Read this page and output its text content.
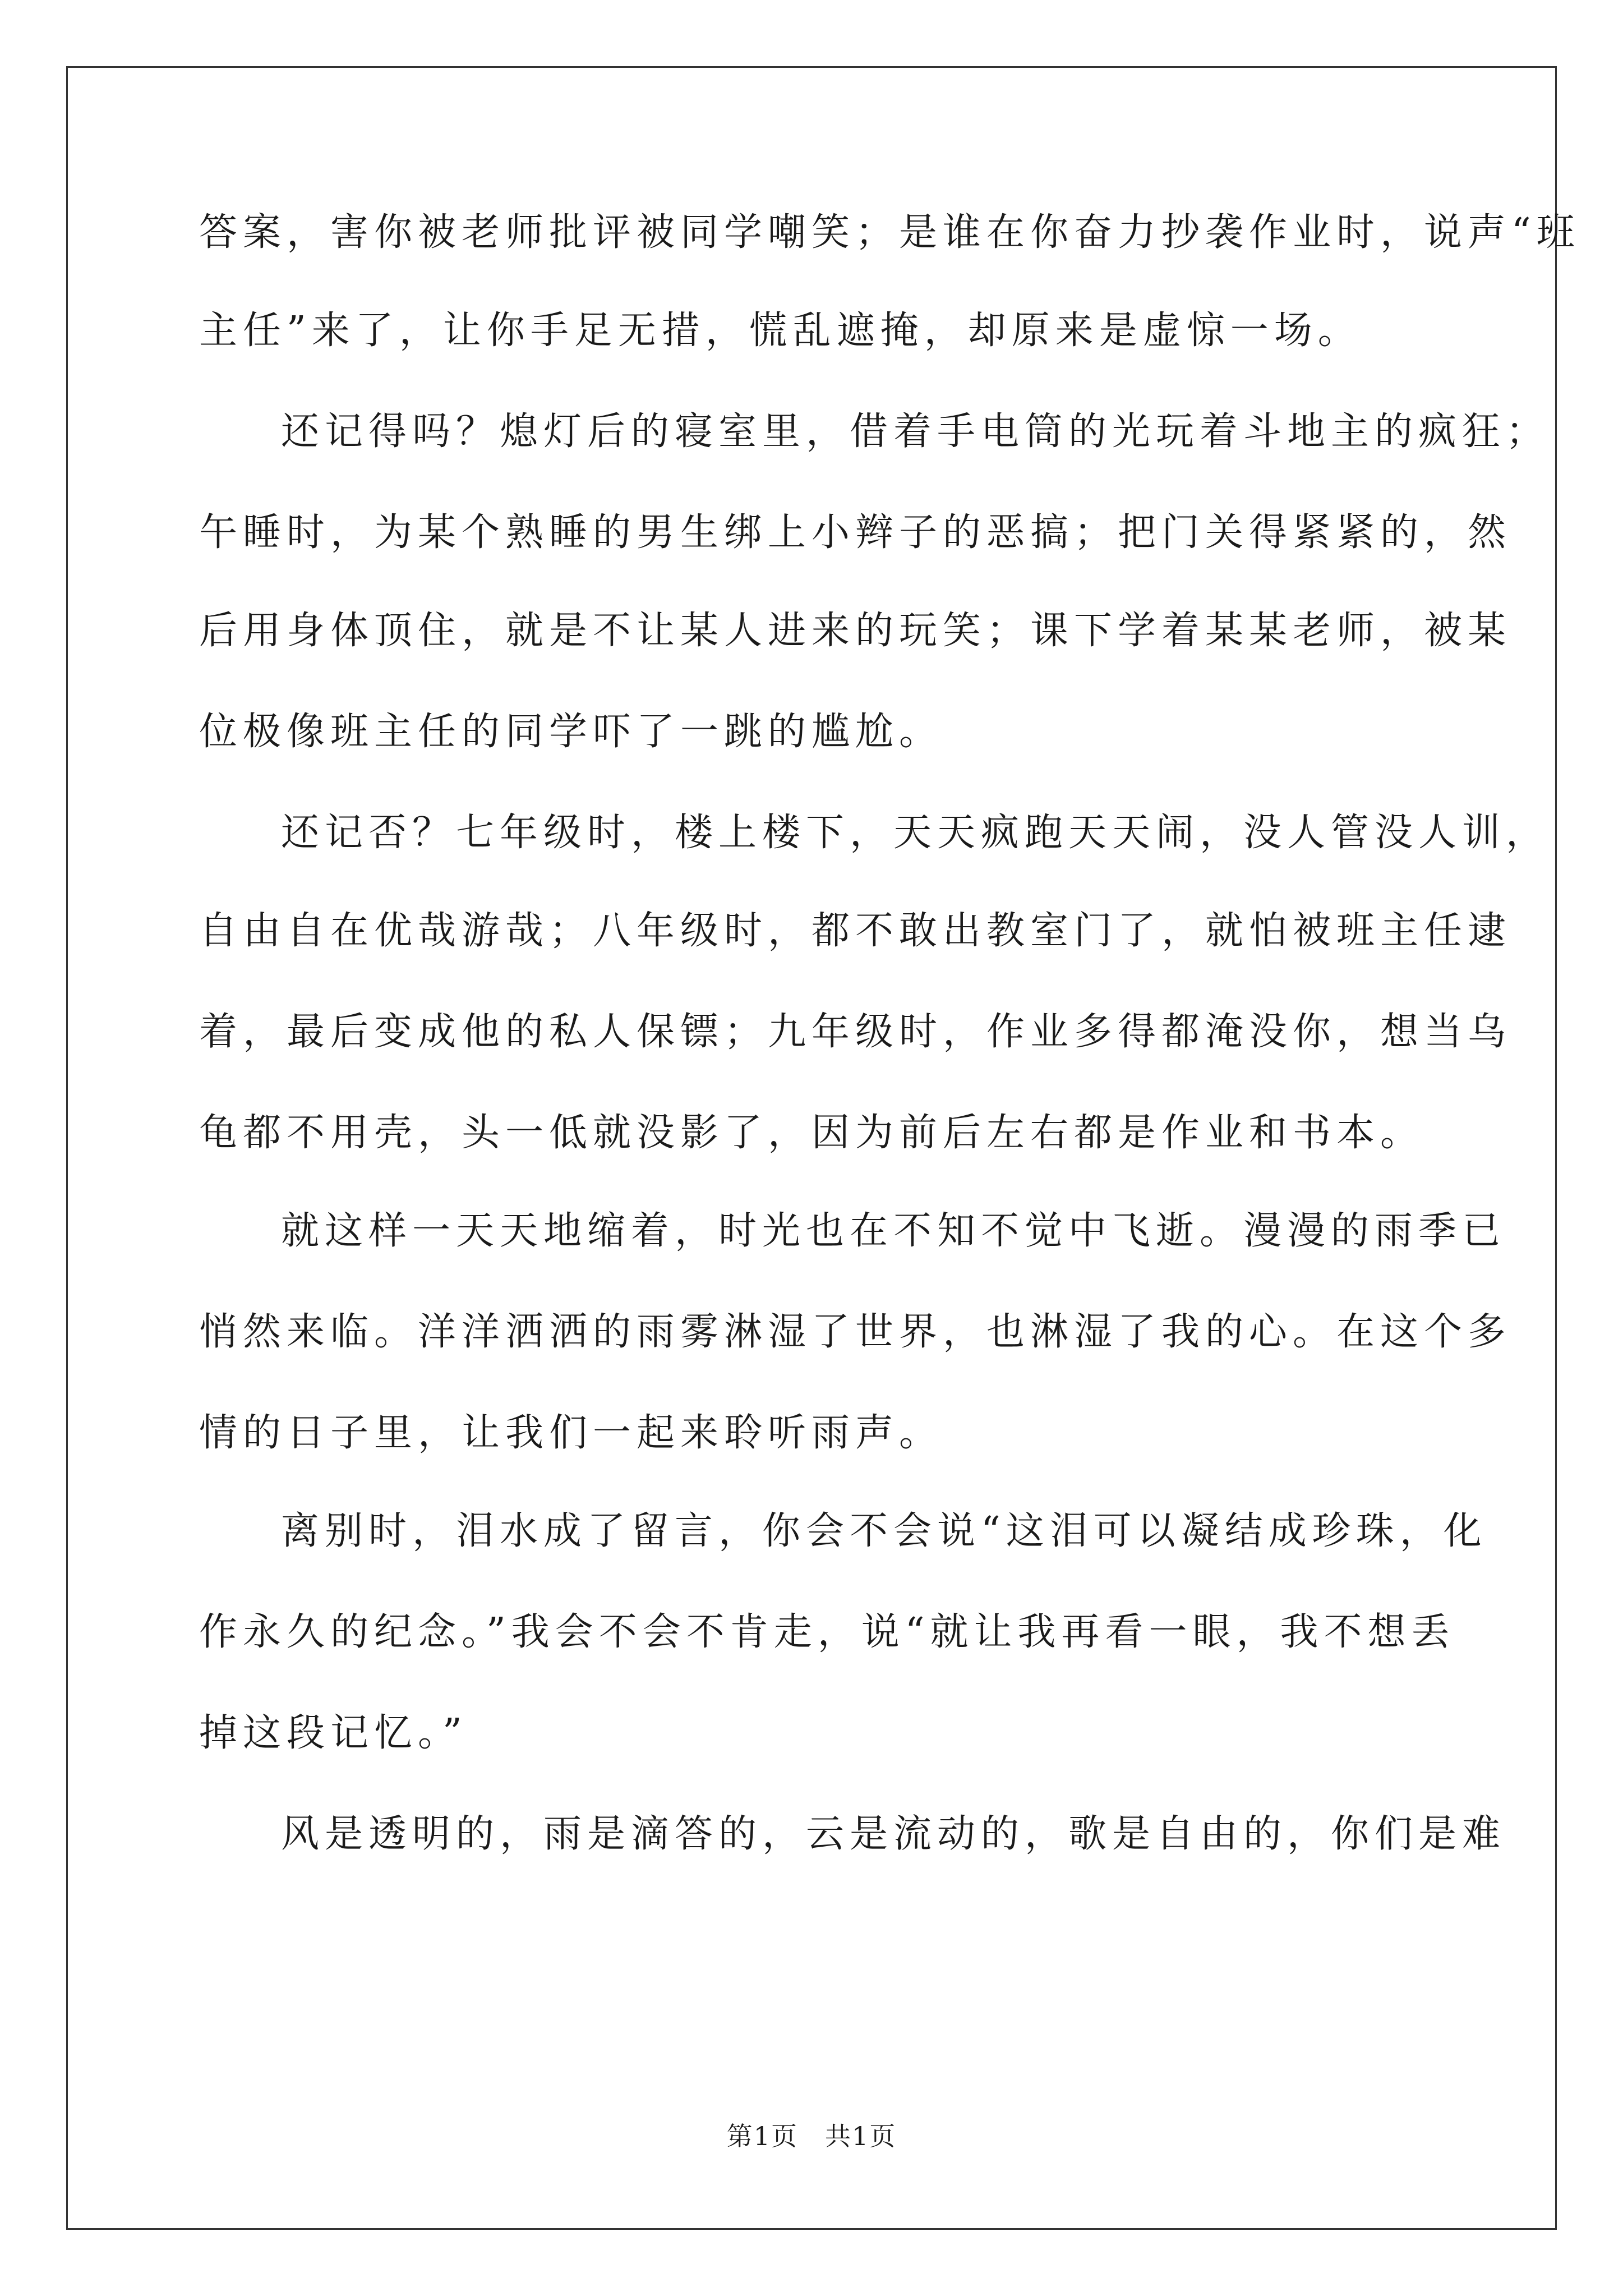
答案，害你被老师批评被同学嘲笑；是谁在你奋力抄袭作业时，说声“班
主任”来了，让你手足无措，慌乱遮掩，却原来是虚惊一场。
还记得吗？熄灯后的寝室里，借着手电筒的光玩着斗地主的疯狂；
午睡时，为某个熟睡的男生绑上小辫子的恶搞；把门关得紧紧的，然
后用身体顶住，就是不让某人进来的玩笑；课下学着某某老师，被某
位极像班主任的同学吓了一跳的尴尬。
还记否？七年级时，楼上楼下，天天疯跑天天闹，没人管没人训，
自由自在优哉游哉；八年级时，都不敢出教室门了，就怕被班主任逮
着，最后变成他的私人保镖；九年级时，作业多得都淹没你，想当乌
龟都不用壳，头一低就没影了，因为前后左右都是作业和书本。
就这样一天天地缩着，时光也在不知不觉中飞逝。漫漫的雨季已
悄然来临。洋洋洒洒的雨雾淋湿了世界，也淋湿了我的心。在这个多
情的日子里，让我们一起来聆听雨声。
离别时，泪水成了留言，你会不会说“这泪可以凝结成珍珠，化
作永久的纪念。”我会不会不肯走，说“就让我再看一眼，我不想丢
掉这段记忆。”
风是透明的，雨是滴答的，云是流动的，歌是自由的，你们是难
第1页　共1页
